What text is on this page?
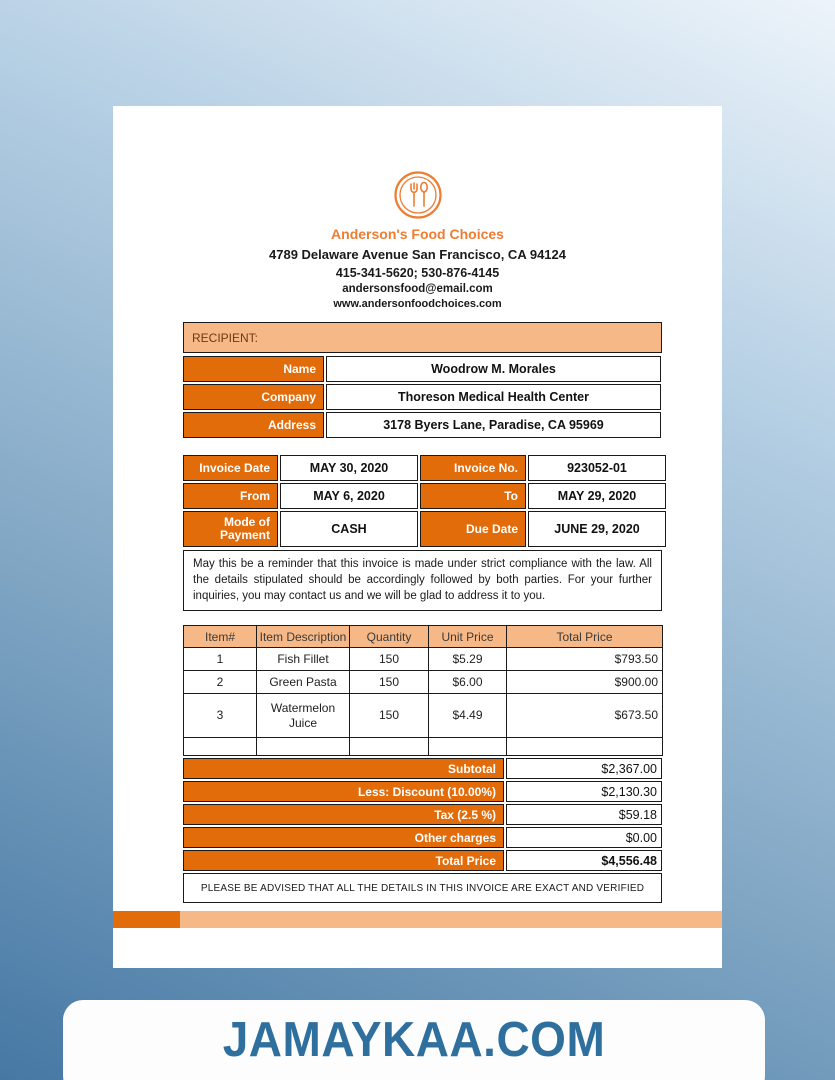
Anderson's Food Choices
4789 Delaware Avenue San Francisco, CA 94124
415-341-5620; 530-876-4145
andersonsfood@email.com
www.andersonfoodchoices.com
RECIPIENT:
Name	Woodrow M. Morales
Company	Thoreson Medical Health Center
Address	3178 Byers Lane, Paradise, CA 95969
Invoice Date	MAY 30, 2020	Invoice No.	923052-01
From	MAY 6, 2020	To	MAY 29, 2020
Mode of Payment	CASH	Due Date	JUNE 29, 2020
May this be a reminder that this invoice is made under strict compliance with the law. All the details stipulated should be accordingly followed by both parties. For your further inquiries, you may contact us and we will be glad to address it to you.
Item#	Item Description	Quantity	Unit Price	Total Price
1	Fish Fillet	150	$5.29	$793.50
2	Green Pasta	150	$6.00	$900.00
3	Watermelon Juice	150	$4.49	$673.50

Subtotal	$2,367.00
Less: Discount (10.00%)	$2,130.30
Tax (2.5 %)	$59.18
Other charges	$0.00
Total Price	$4,556.48
PLEASE BE ADVISED THAT ALL THE DETAILS IN THIS INVOICE ARE EXACT AND VERIFIED
JAMAYKAA.COM
